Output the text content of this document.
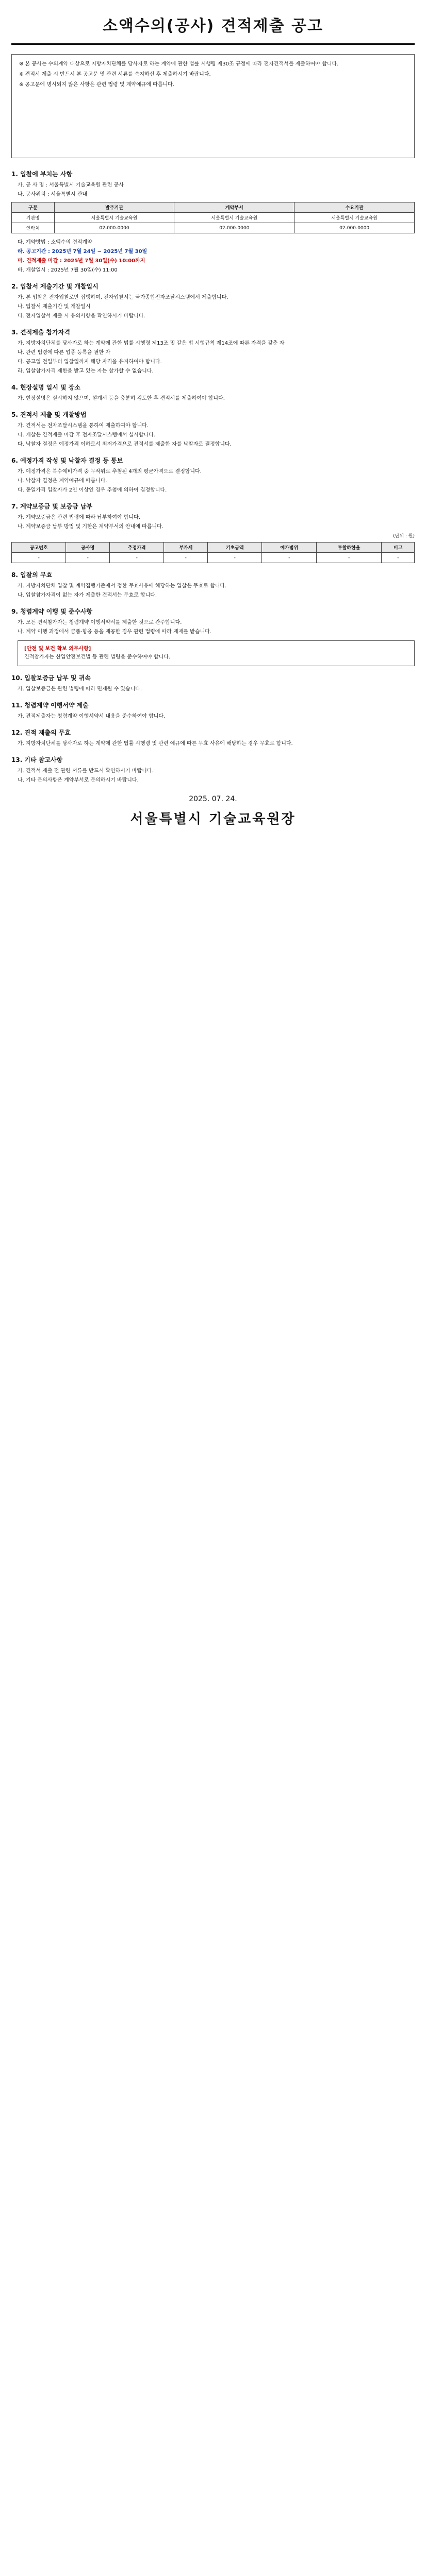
소액수의(공사) 견적제출 공고

※ 본 공사는 수의계약 대상으로 지방자치단체를 당사자로 하는 계약에 관한 법률 시행령 제30조 규정에 따라 전자견적서를 제출하여야 합니다.

※ 견적서 제출 시 반드시 본 공고문 및 관련 서류를 숙지하신 후 제출하시기 바랍니다.

※ 공고문에 명시되지 않은 사항은 관련 법령 및 계약예규에 따릅니다.

1. 입찰에 부치는 사항
가. 공 사 명 : 서울특별시 기술교육원 관련 공사
나. 공사위치 : 서울특별시 관내
구분	발주기관	계약부서	수요기관
기관명	서울특별시 기술교육원	서울특별시 기술교육원	서울특별시 기술교육원
연락처	02-000-0000	02-000-0000	02-000-0000
다. 계약방법 : 소액수의 견적계약
라. 공고기간 : 2025년 7월 24일 ~ 2025년 7월 30일
마. 견적제출 마감 : 2025년 7월 30일(수) 10:00까지
바. 개찰일시 : 2025년 7월 30일(수) 11:00
2. 입찰서 제출기간 및 개찰일시
가. 본 입찰은 전자입찰로만 집행하며, 전자입찰서는 국가종합전자조달시스템에서 제출합니다.
나. 입찰서 제출기간 및 개찰일시
다. 전자입찰서 제출 시 유의사항을 확인하시기 바랍니다.
3. 견적제출 참가자격
가. 지방자치단체를 당사자로 하는 계약에 관한 법률 시행령 제13조 및 같은 법 시행규칙 제14조에 따른 자격을 갖춘 자
나. 관련 법령에 따른 업종 등록을 필한 자
다. 공고일 전일부터 입찰일까지 해당 자격을 유지하여야 합니다.
라. 입찰참가자격 제한을 받고 있는 자는 참가할 수 없습니다.
4. 현장설명 일시 및 장소
가. 현장설명은 실시하지 않으며, 설계서 등을 충분히 검토한 후 견적서를 제출하여야 합니다.
5. 견적서 제출 및 개찰방법
가. 견적서는 전자조달시스템을 통하여 제출하여야 합니다.
나. 개찰은 견적제출 마감 후 전자조달시스템에서 실시합니다.
다. 낙찰자 결정은 예정가격 이하로서 최저가격으로 견적서를 제출한 자를 낙찰자로 결정합니다.
6. 예정가격 작성 및 낙찰자 결정 등 통보
가. 예정가격은 복수예비가격 중 무작위로 추첨된 4개의 평균가격으로 결정합니다.
나. 낙찰자 결정은 계약예규에 따릅니다.
다. 동일가격 입찰자가 2인 이상인 경우 추첨에 의하여 결정합니다.
7. 계약보증금 및 보증금 납부
가. 계약보증금은 관련 법령에 따라 납부하여야 합니다.
나. 계약보증금 납부 방법 및 기한은 계약부서의 안내에 따릅니다.
(단위 : 원)
공고번호	공사명	추정가격	부가세	기초금액	예가범위	투찰하한율	비고
-	-	-	-	-	-	-	-
8. 입찰의 무효
가. 지방자치단체 입찰 및 계약집행기준에서 정한 무효사유에 해당하는 입찰은 무효로 합니다.
나. 입찰참가자격이 없는 자가 제출한 견적서는 무효로 합니다.
9. 청렴계약 이행 및 준수사항
가. 모든 견적참가자는 청렴계약 이행서약서를 제출한 것으로 간주합니다.
나. 계약 이행 과정에서 금품·향응 등을 제공한 경우 관련 법령에 따라 제재를 받습니다.
[안전 및 보건 확보 의무사항]
견적참가자는 산업안전보건법 등 관련 법령을 준수하여야 합니다.
10. 입찰보증금 납부 및 귀속
가. 입찰보증금은 관련 법령에 따라 면제될 수 있습니다.
11. 청렴계약 이행서약 제출
가. 견적제출자는 청렴계약 이행서약서 내용을 준수하여야 합니다.
12. 견적 제출의 무효
가. 지방자치단체를 당사자로 하는 계약에 관한 법률 시행령 및 관련 예규에 따른 무효 사유에 해당하는 경우 무효로 합니다.
13. 기타 참고사항
가. 견적서 제출 전 관련 서류를 반드시 확인하시기 바랍니다.
나. 기타 문의사항은 계약부서로 문의하시기 바랍니다.
2025. 07. 24.
서울특별시 기술교육원장
